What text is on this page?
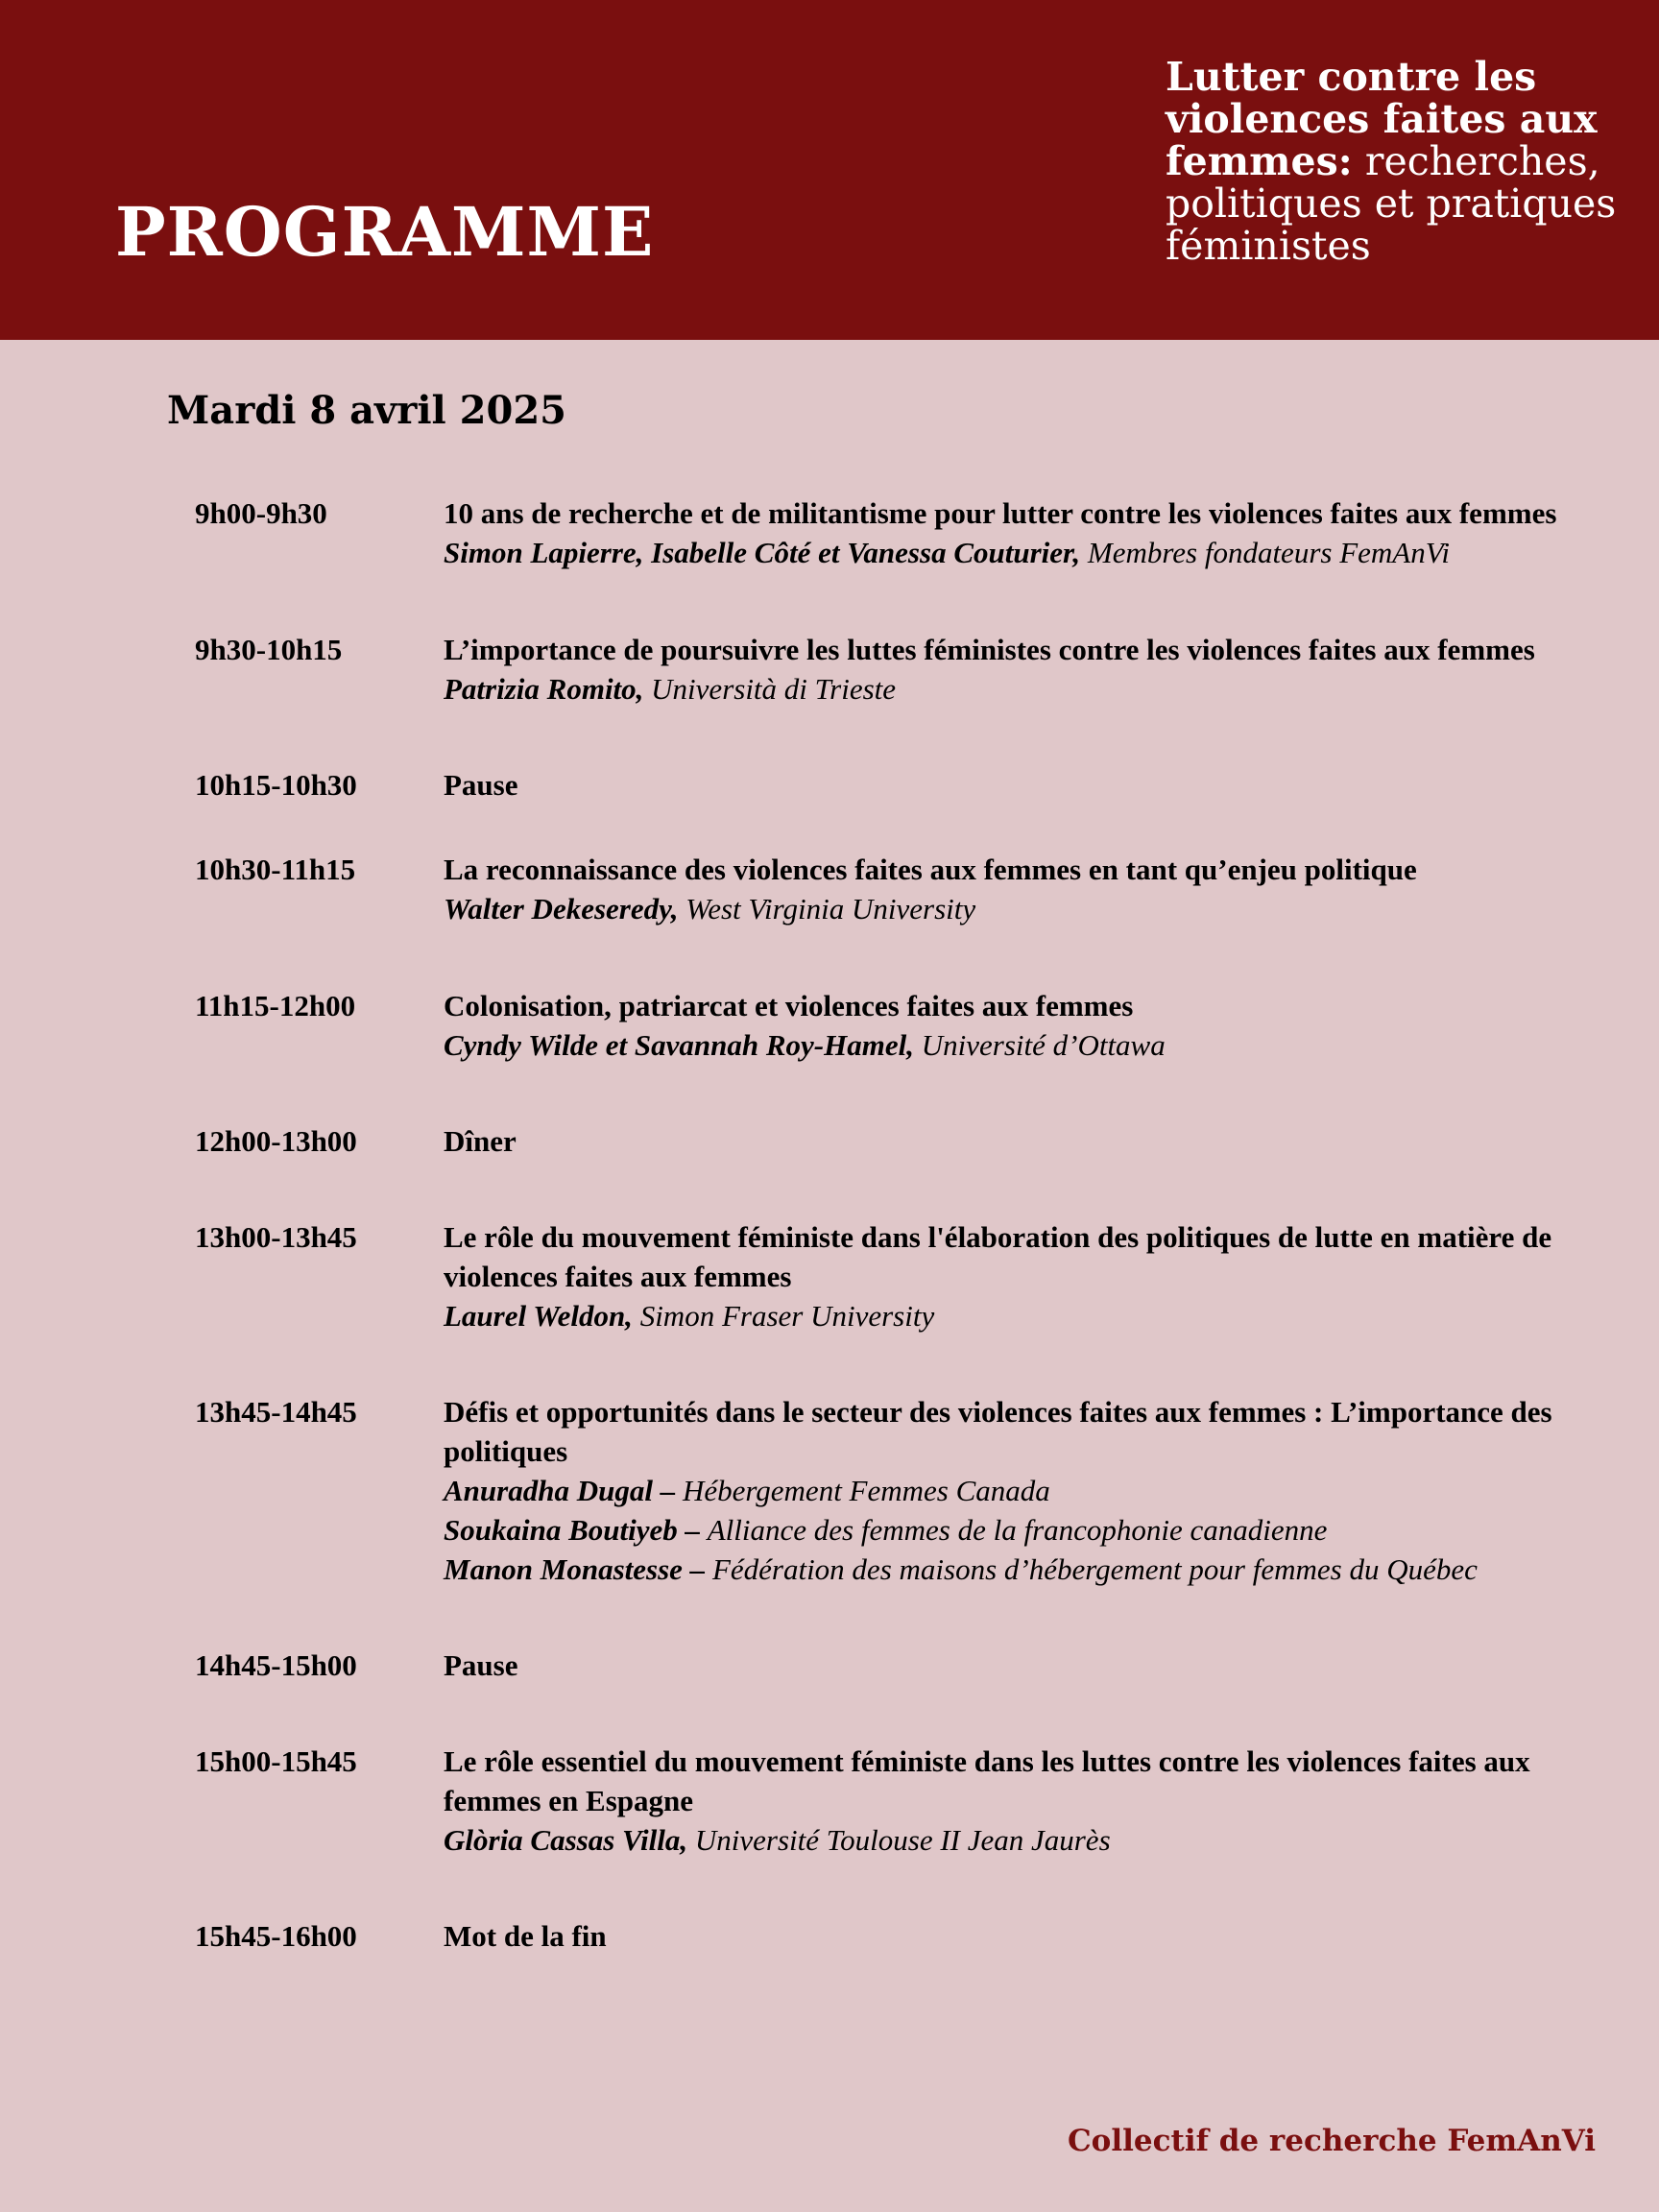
PROGRAMME
Lutter contre les violences faites aux femmes: recherches, politiques et pratiques féministes
Mardi 8 avril 2025
9h00-9h30	10 ans de recherche et de militantisme pour lutter contre les violences faites aux femmes
Simon Lapierre, Isabelle Côté et Vanessa Couturier, Membres fondateurs FemAnVi
9h30-10h15	L’importance de poursuivre les luttes féministes contre les violences faites aux femmes
Patrizia Romito, Università di Trieste
10h15-10h30	Pause
10h30-11h15	La reconnaissance des violences faites aux femmes en tant qu’enjeu politique
Walter Dekeseredy, West Virginia University
11h15-12h00	Colonisation, patriarcat et violences faites aux femmes
Cyndy Wilde et Savannah Roy-Hamel, Université d’Ottawa
12h00-13h00	Dîner
13h00-13h45	Le rôle du mouvement féministe dans l'élaboration des politiques de lutte en matière de violences faites aux femmes
Laurel Weldon, Simon Fraser University
13h45-14h45	Défis et opportunités dans le secteur des violences faites aux femmes : L’importance des politiques
Anuradha Dugal – Hébergement Femmes Canada
Soukaina Boutiyeb – Alliance des femmes de la francophonie canadienne
Manon Monastesse – Fédération des maisons d’hébergement pour femmes du Québec
14h45-15h00	Pause
15h00-15h45	Le rôle essentiel du mouvement féministe dans les luttes contre les violences faites aux femmes en Espagne
Glòria Cassas Villa, Université Toulouse II Jean Jaurès
15h45-16h00	Mot de la fin
Collectif de recherche FemAnVi
